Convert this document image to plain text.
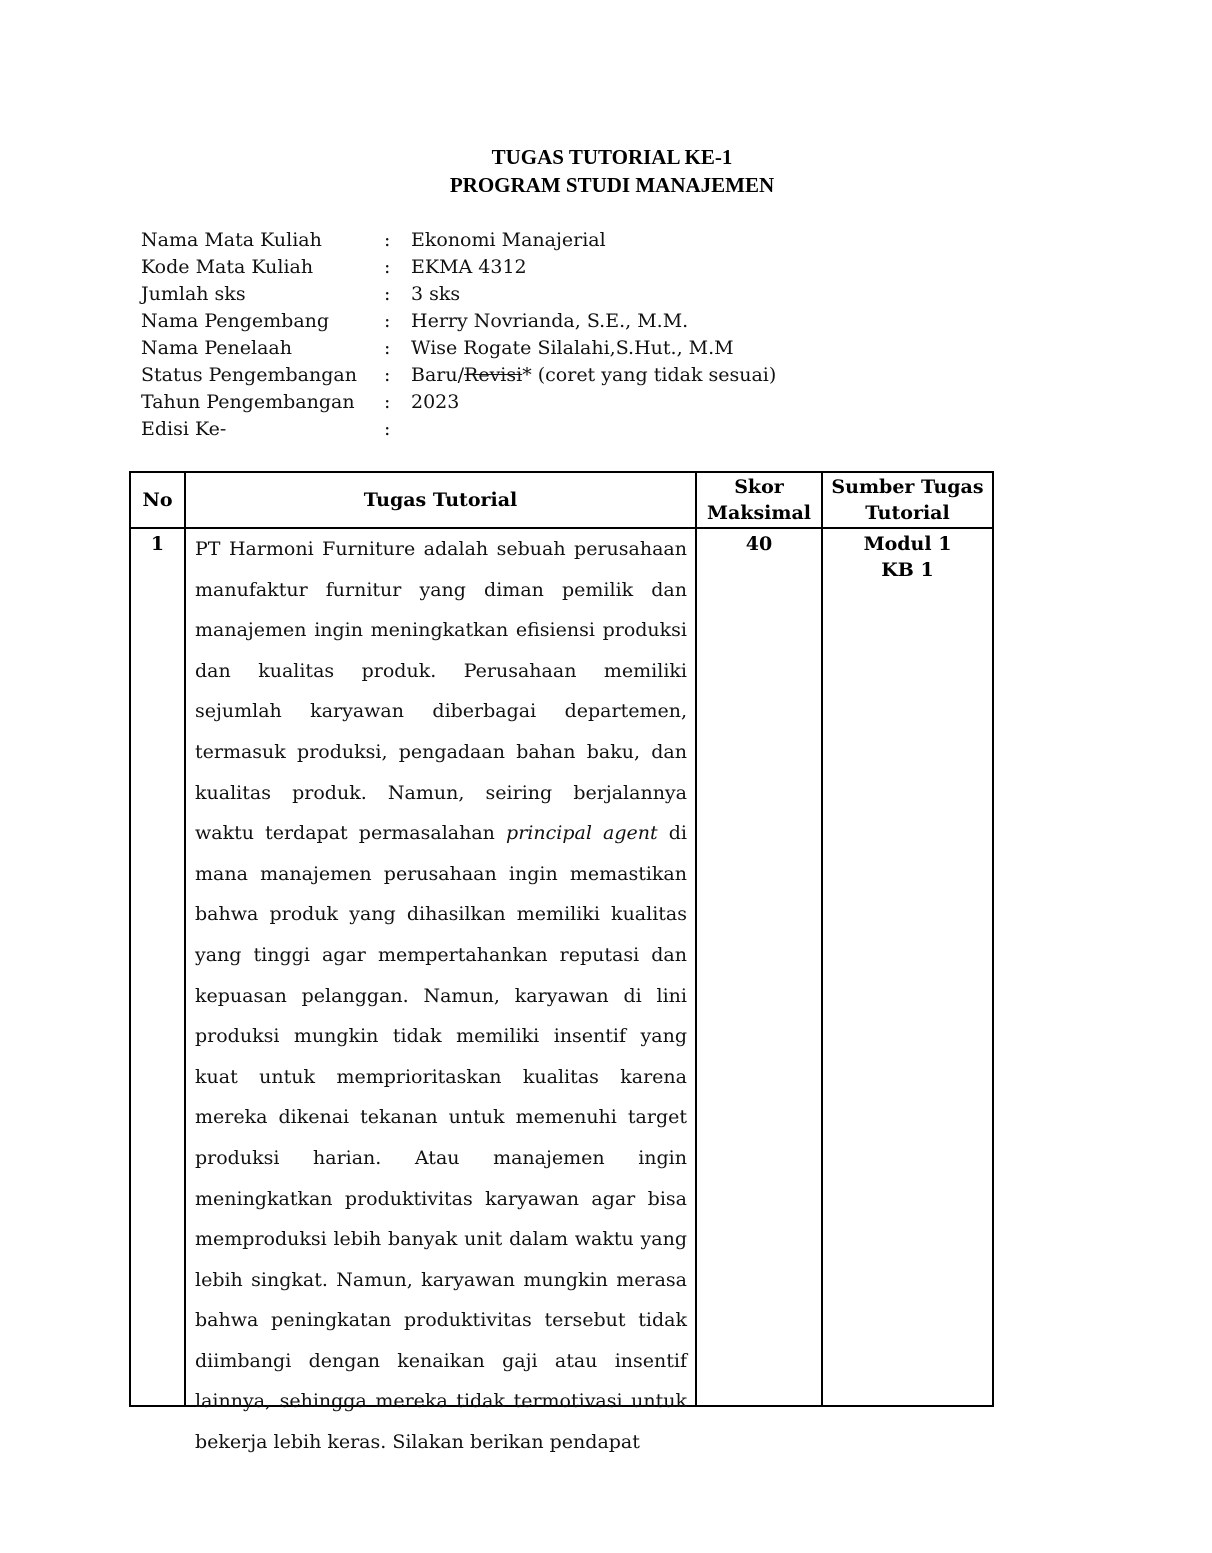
TUGAS TUTORIAL KE-1
PROGRAM STUDI MANAJEMEN
Nama Mata Kuliah	:	Ekonomi Manajerial
Kode Mata Kuliah	:	EKMA 4312
Jumlah sks	:	3 sks
Nama Pengembang	:	Herry Novrianda, S.E., M.M.
Nama Penelaah	:	Wise Rogate Silalahi,S.Hut., M.M
Status Pengembangan	:	Baru/Revisi* (coret yang tidak sesuai)
Tahun Pengembangan	:	2023
Edisi Ke-	:
No	Tugas Tutorial	Skor Maksimal	Sumber Tugas Tutorial

1	PT Harmoni Furniture adalah sebuah perusahaan manufaktur furnitur yang diman pemilik dan manajemen ingin meningkatkan efisiensi produksi dan kualitas produk. Perusahaan memiliki sejumlah karyawan diberbagai departemen, termasuk produksi, pengadaan bahan baku, dan kualitas produk. Namun, seiring berjalannya waktu terdapat permasalahan principal agent di mana manajemen perusahaan ingin memastikan bahwa produk yang dihasilkan memiliki kualitas yang tinggi agar mempertahankan reputasi dan kepuasan pelanggan. Namun, karyawan di lini produksi mungkin tidak memiliki insentif yang kuat untuk memprioritaskan kualitas karena mereka dikenai tekanan untuk memenuhi target produksi harian. Atau manajemen ingin meningkatkan produktivitas karyawan agar bisa memproduksi lebih banyak unit dalam waktu yang lebih singkat. Namun, karyawan mungkin merasa bahwa peningkatan produktivitas tersebut tidak diimbangi dengan kenaikan gaji atau insentif lainnya, sehingga mereka tidak termotivasi untuk bekerja lebih keras. Silakan berikan pendapat	40	Modul 1
KB 1
